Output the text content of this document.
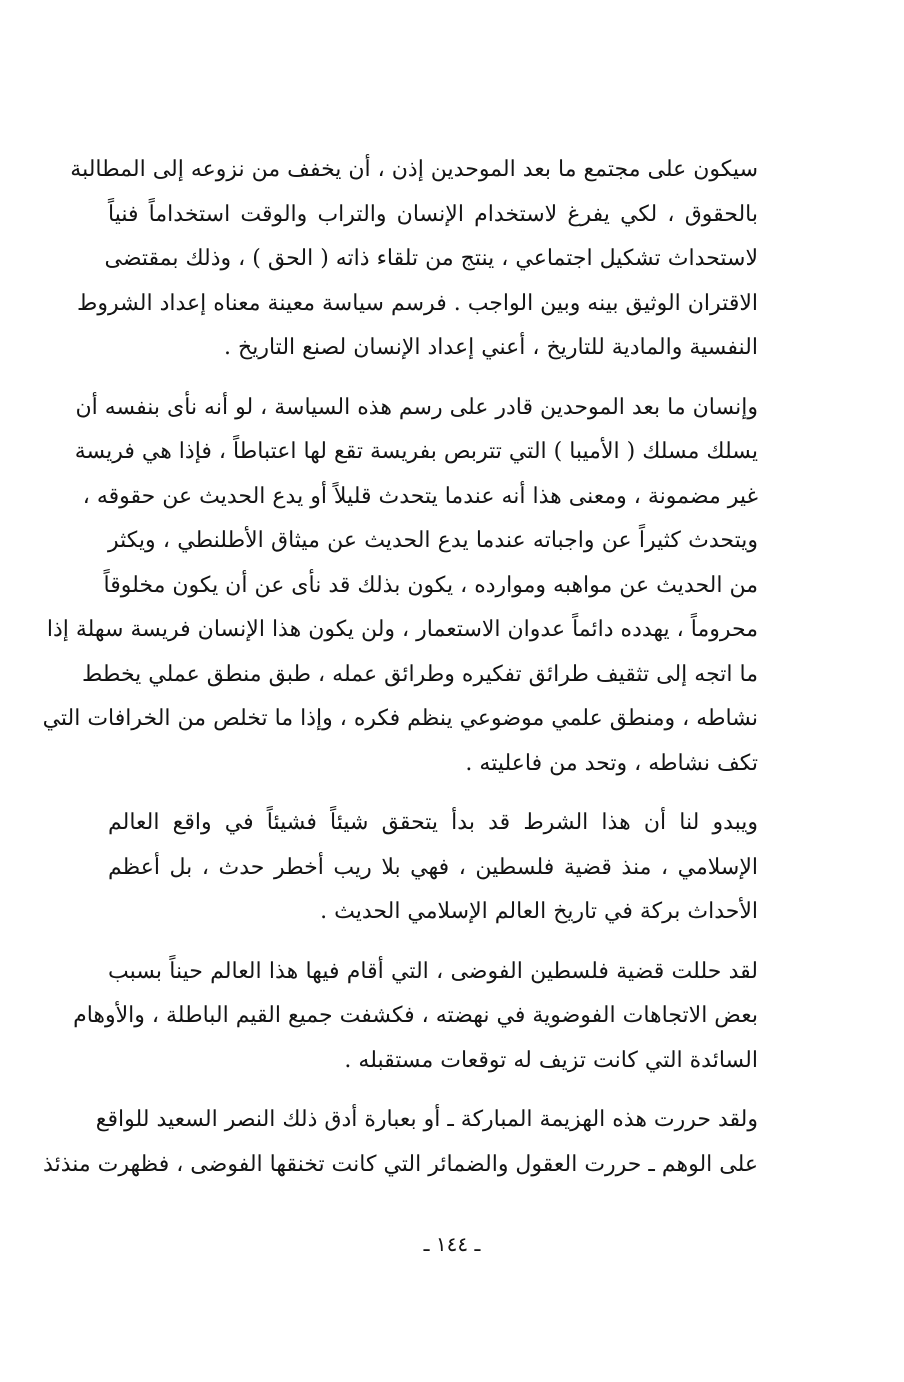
سيكون على مجتمع ما بعد الموحدين إذن ، أن يخفف من نزوعه إلى المطالبة
بالحقوق ، لكي يفرغ لاستخدام الإنسان والتراب والوقت استخداماً فنياً
لاستحداث تشكيل اجتماعي ، ينتج من تلقاء ذاته ( الحق ) ، وذلك بمقتضى
الاقتران الوثيق بينه وبين الواجب . فرسم سياسة معينة معناه إعداد الشروط
النفسية والمادية للتاريخ ، أعني إعداد الإنسان لصنع التاريخ .

وإنسان ما بعد الموحدين قادر على رسم هذه السياسة ، لو أنه نأى بنفسه أن
يسلك مسلك ( الأميبا ) التي تتربص بفريسة تقع لها اعتباطاً ، فإذا هي فريسة
غير مضمونة ، ومعنى هذا أنه عندما يتحدث قليلاً أو يدع الحديث عن حقوقه ،
ويتحدث كثيراً عن واجباته عندما يدع الحديث عن ميثاق الأطلنطي ، ويكثر
من الحديث عن مواهبه وموارده ، يكون بذلك قد نأى عن أن يكون مخلوقاً
محروماً ، يهدده دائماً عدوان الاستعمار ، ولن يكون هذا الإنسان فريسة سهلة إذا
ما اتجه إلى تثقيف طرائق تفكيره وطرائق عمله ، طبق منطق عملي يخطط
نشاطه ، ومنطق علمي موضوعي ينظم فكره ، وإذا ما تخلص من الخرافات التي
تكف نشاطه ، وتحد من فاعليته .

ويبدو لنا أن هذا الشرط قد بدأ يتحقق شيئاً فشيئاً في واقع العالم
الإسلامي ، منذ قضية فلسطين ، فهي بلا ريب أخطر حدث ، بل أعظم
الأحداث بركة في تاريخ العالم الإسلامي الحديث .

لقد حللت قضية فلسطين الفوضى ، التي أقام فيها هذا العالم حيناً بسبب
بعض الاتجاهات الفوضوية في نهضته ، فكشفت جميع القيم الباطلة ، والأوهام
السائدة التي كانت تزيف له توقعات مستقبله .

ولقد حررت هذه الهزيمة المباركة ـ أو بعبارة أدق ذلك النصر السعيد للواقع
على الوهم ـ حررت العقول والضمائر التي كانت تخنقها الفوضى ، فظهرت منذئذ

ـ ١٤٤ ـ
